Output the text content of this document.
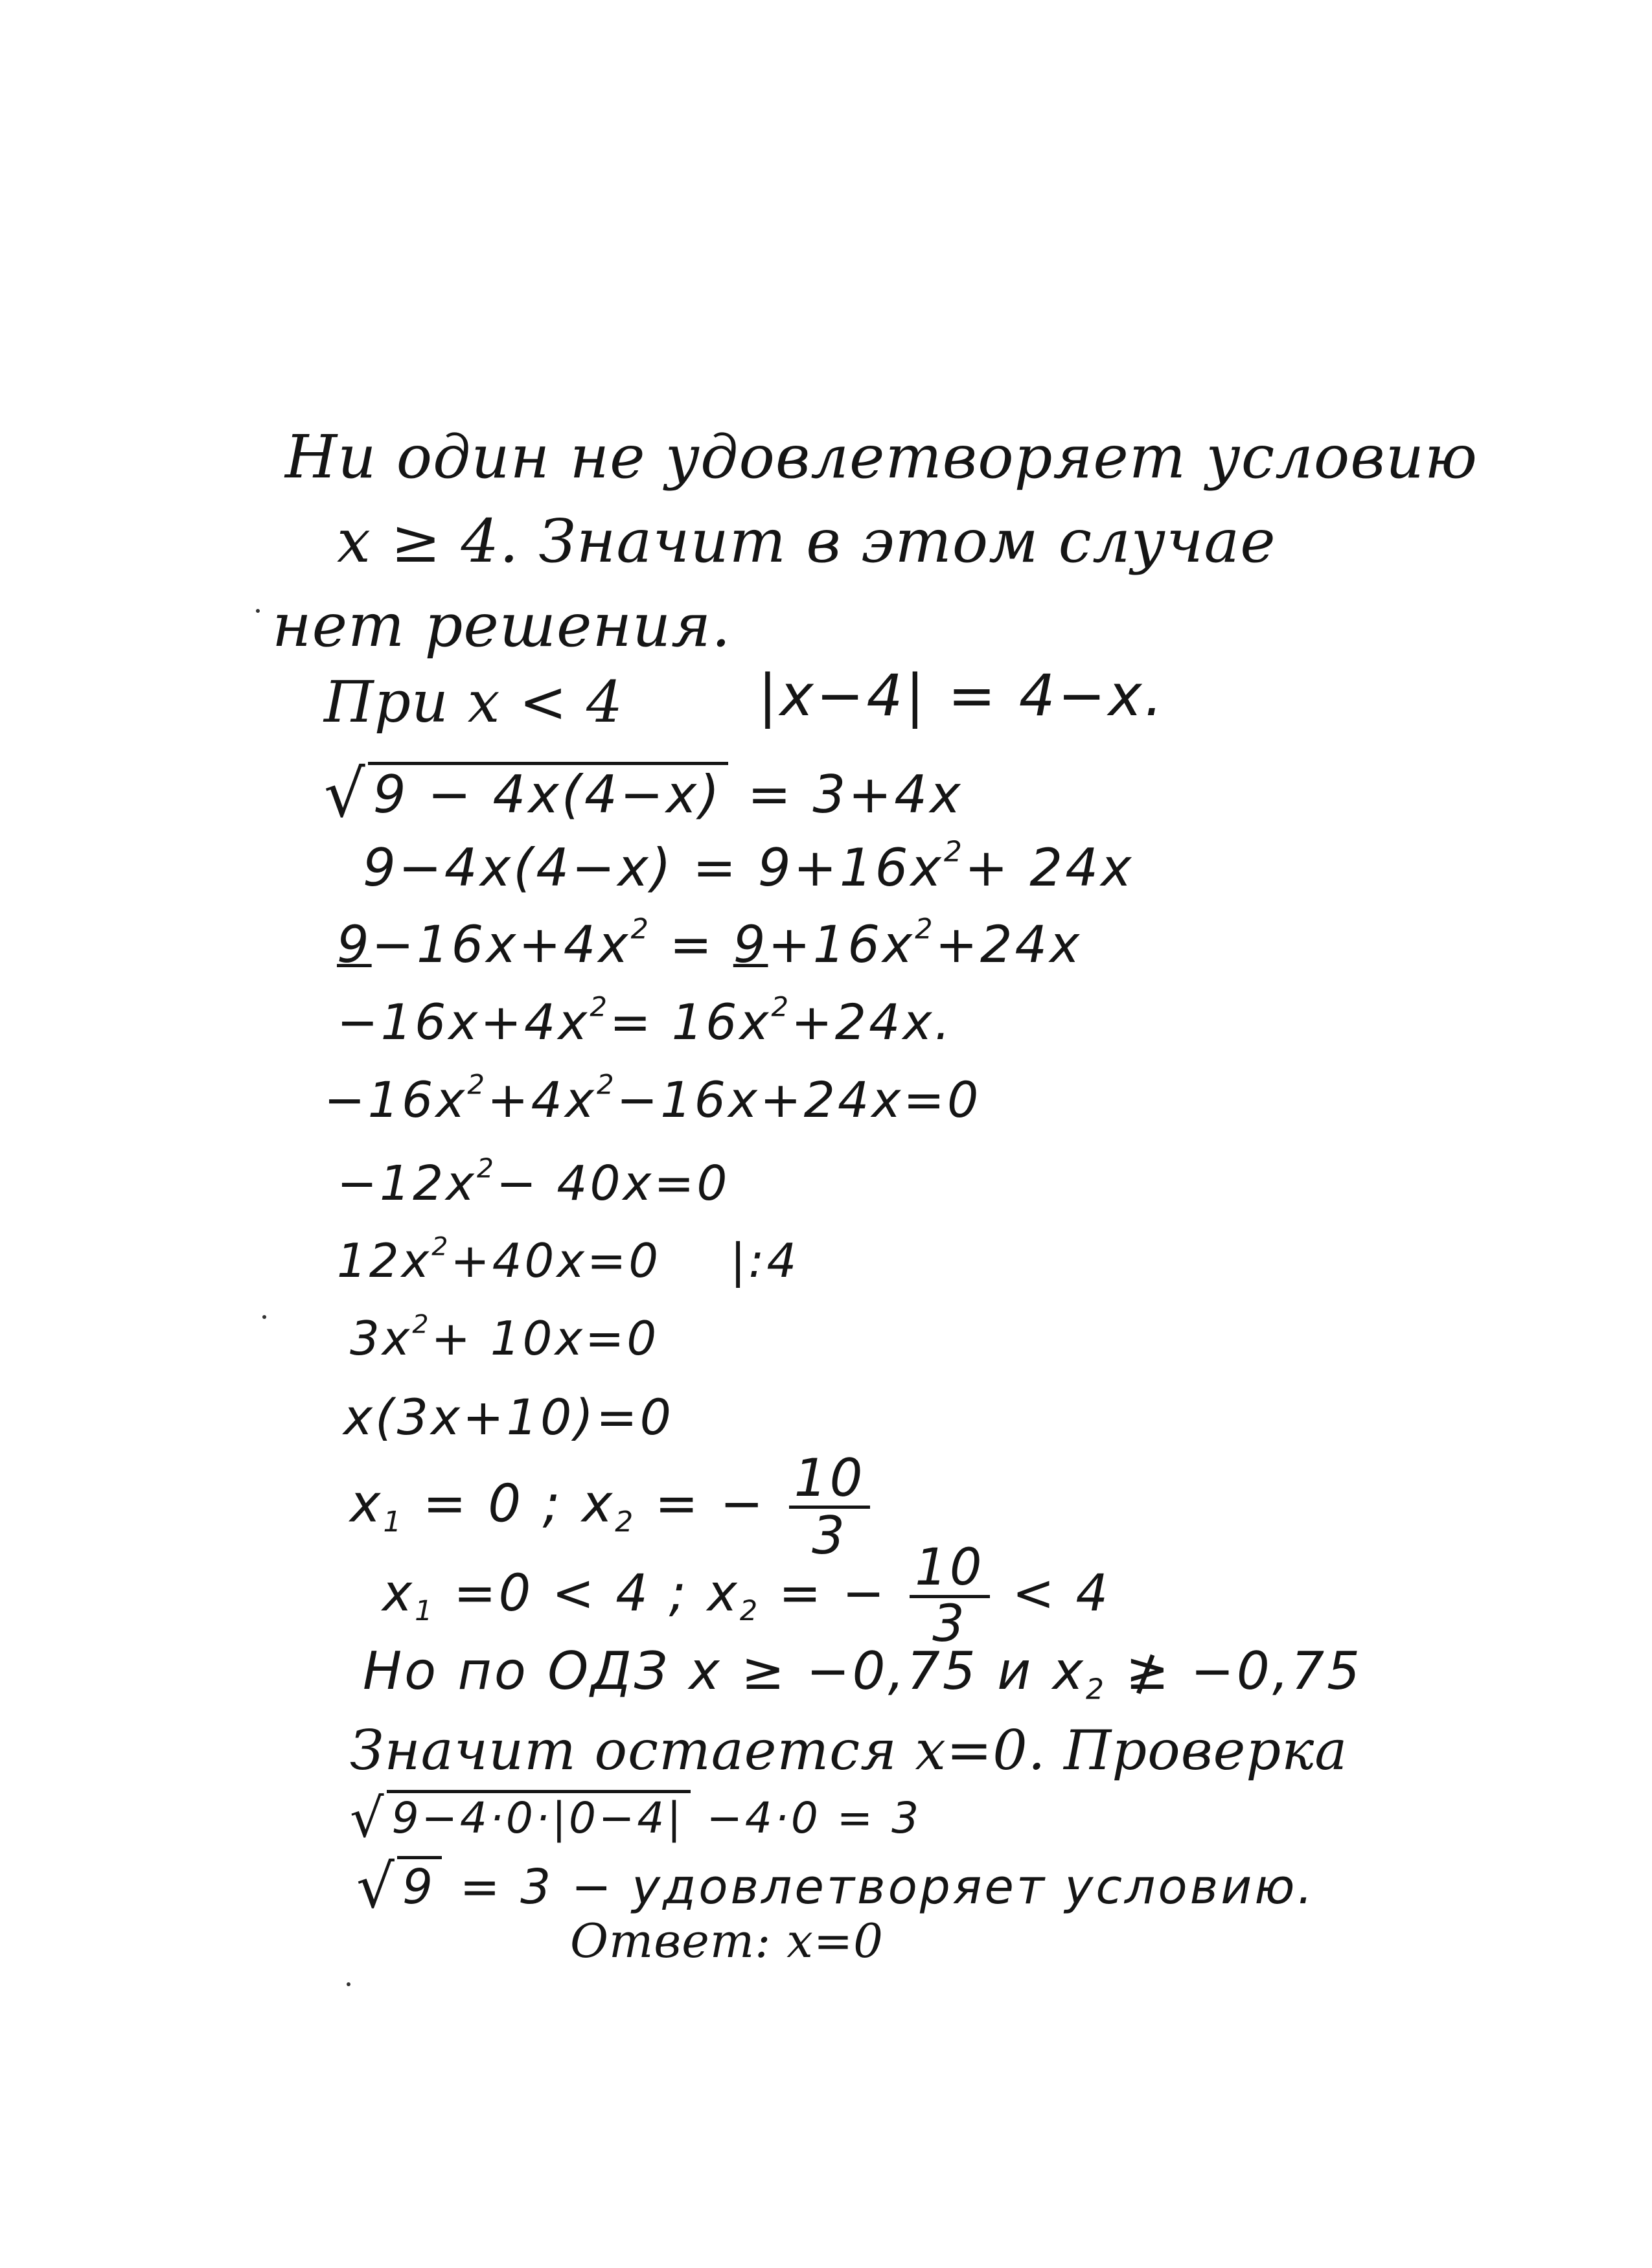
Ни один не удовлетворяет условию
x ≥ 4. Значит в этом случае
нет решения.
При x < 4 |x−4| = 4−x.
√ 9 − 4x(4−x) = 3+4x
$9-4x(4-x) = 9+16x^2+ 24x$
$9-16x+4x^2 = 9+16x^2+24x$
$-16x+4x^2= 16x^2+24x$.
$-16x^2+4x^2-16x+24x=0$
$-12x^2- 40x=0$
$12x^2+40x=0$ |:4
$3x^2+ 10x=0$
x(3x+10)=0
$x_1 = 0$ ; $x_2$ = − $\frac{10}{3}$
$x_1 =0 < 4$ ; $x_2$ = − $\frac{10}{3} < 4$
Но по ОДЗ x ≥ −0,75 и $x_2$ ≱ −0,75
Значит остается x=0. Проверка
√ 9−4·0·|0−4| −4·0 = 3
√ 9 = 3 − удовлетворяет условию.
Ответ: x=0
